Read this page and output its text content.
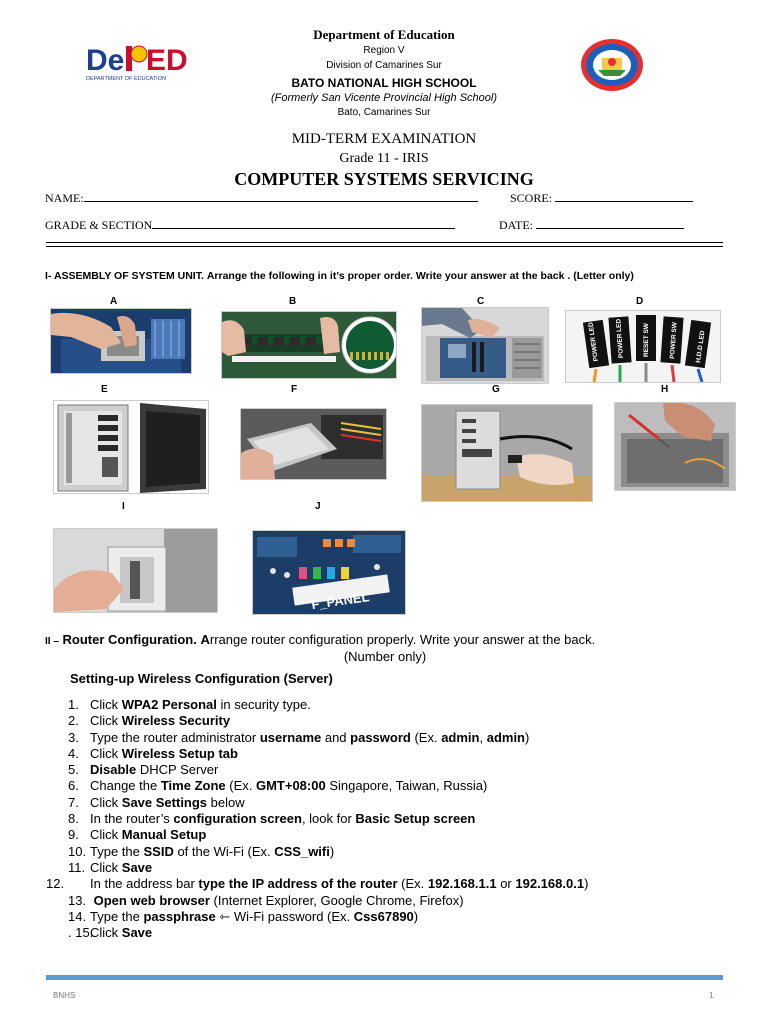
De ED
DEPARTMENT OF EDUCATION
Department of Education
Region V
Division of Camarines Sur
BATO NATIONAL HIGH SCHOOL
(Formerly San Vicente Provincial High School)
Bato, Camarines Sur
MID-TERM EXAMINATION
Grade 11 - IRIS
COMPUTER SYSTEMS SERVICING
NAME:	SCORE:
GRADE & SECTION	DATE:
I- ASSEMBLY OF SYSTEM UNIT. Arrange the following in it’s proper order. Write your answer at the back . (Letter only)
A	B	C	D
E	F	G	H
I	J
POWER LED POWER LED	RESET SW	POWER SW	H.D.D LED
F_PANEL
II – Router Configuration. Arrange router configuration properly. Write your answer at the back.
(Number only)
Setting-up Wireless Configuration (Server)
1. Click WPA2 Personal in security type.
2. Click Wireless Security
3. Type the router administrator username and password (Ex. admin, admin)
4. Click Wireless Setup tab
5. Disable DHCP Server
6. Change the Time Zone (Ex. GMT+08:00 Singapore, Taiwan, Russia)
7. Click Save Settings below
8. In the router’s configuration screen, look for Basic Setup screen
9. Click Manual Setup
10. Type the SSID of the Wi-Fi (Ex. CSS_wifi)
11. Click Save
12. In the address bar type the IP address of the router (Ex. 192.168.1.1 or 192.168.0.1)
13. Open web browser (Internet Explorer, Google Chrome, Firefox)
14. Type the passphrase ⇽ Wi-Fi password (Ex. Css67890)
. 15.Click Save
BNHS	1
